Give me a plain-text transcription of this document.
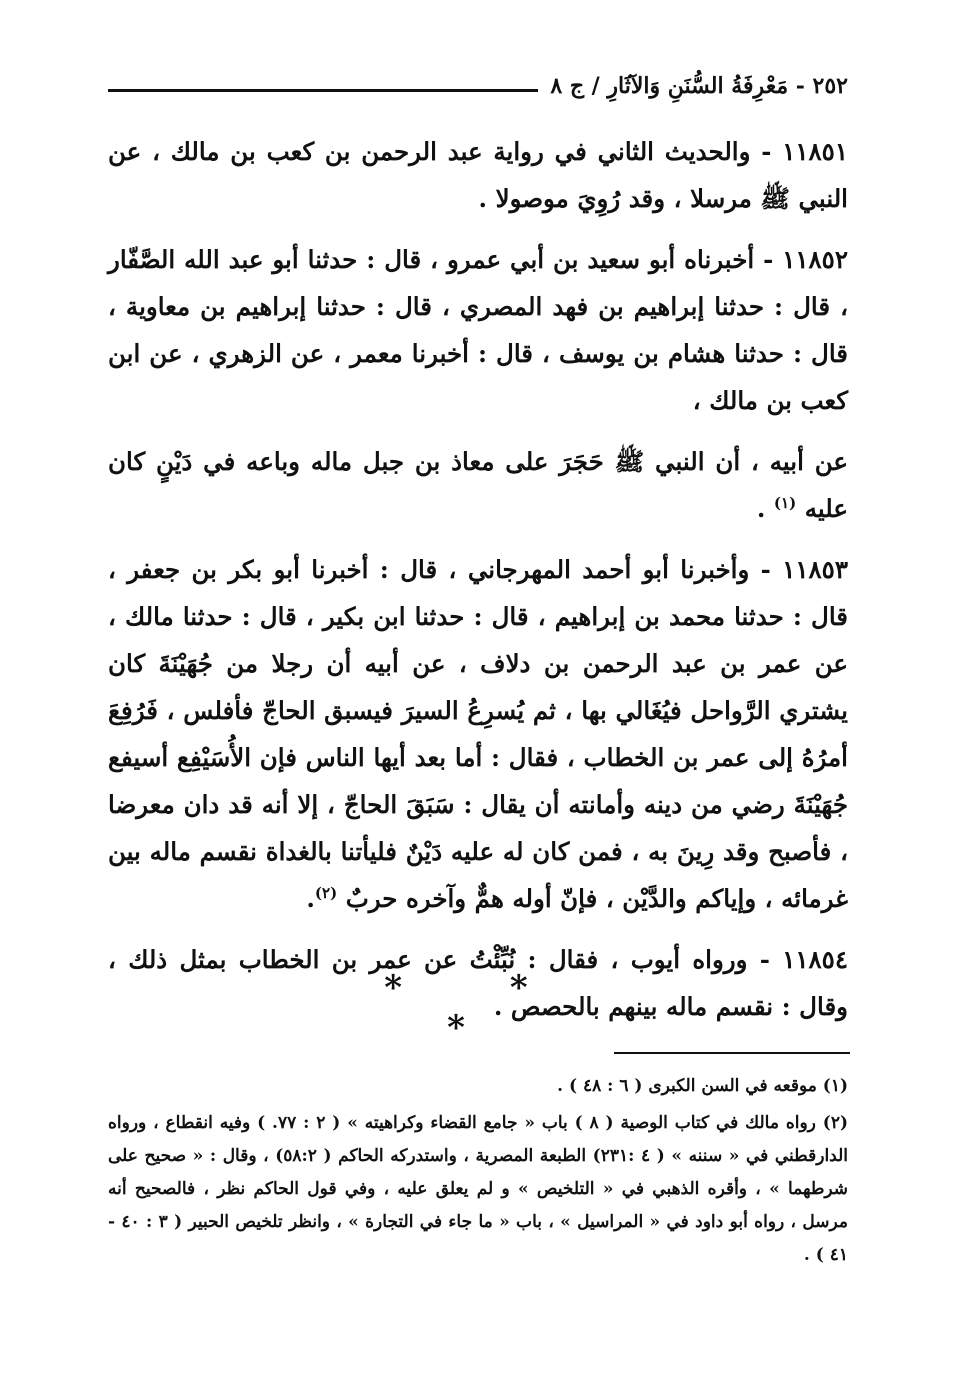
٢٥٢ - مَعْرِفَةُ السُّنَنِ وَالآثَارِ / ج ٨

١١٨٥١ - والحديث الثاني في رواية عبد الرحمن بن كعب بن مالك ، عن النبي ﷺ مرسلا ، وقد رُوِيَ موصولا .

١١٨٥٢ - أخبرناه أبو سعيد بن أبي عمرو ، قال : حدثنا أبو عبد الله الصَّفّار ، قال : حدثنا إبراهيم بن فهد المصري ، قال : حدثنا إبراهيم بن معاوية ، قال : حدثنا هشام بن يوسف ، قال : أخبرنا معمر ، عن الزهري ، عن ابن كعب بن مالك ،

عن أبيه ، أن النبي ﷺ حَجَرَ على معاذ بن جبل ماله وباعه في دَيْنٍ كان عليه $^{(١)}$ .

١١٨٥٣ - وأخبرنا أبو أحمد المهرجاني ، قال : أخبرنا أبو بكر بن جعفر ، قال : حدثنا محمد بن إبراهيم ، قال : حدثنا ابن بكير ، قال : حدثنا مالك ، عن عمر بن عبد الرحمن بن دلاف ، عن أبيه أن رجلا من جُهَيْنَةَ كان يشتري الرَّواحل فيُغَالي بها ، ثم يُسرِعُ السيرَ فيسبق الحاجّ فأفلس ، فَرُفِعَ أمرُهُ إلى عمر بن الخطاب ، فقال : أما بعد أيها الناس فإن الأُسَيْفِع أسيفع جُهَيْنَةَ رضي من دينه وأمانته أن يقال : سَبَقَ الحاجّ ، إلا أنه قد دان معرضا ، فأصبح وقد رِينَ به ، فمن كان له عليه دَيْنٌ فليأتنا بالغداة نقسم ماله بين غرمائه ، وإياكم والدَّيْن ، فإنّ أوله همٌّ وآخره حربٌ $^{(٢)}$.

١١٨٥٤ - ورواه أيوب ، فقال : نُبِّئْتُ عن عمر بن الخطاب بمثل ذلك ، وقال : نقسم ماله بينهم بالحصص .

* * *

(١) موقعه في السن الكبرى ( ٦ : ٤٨ ) .

(٢) رواه مالك في كتاب الوصية ( ٨ ) باب « جامع القضاء وكراهيته » ( ٢ : ٧٧. ) وفيه انقطاع ، ورواه الدارقطني في « سننه » ( ٤ :٢٣١) الطبعة المصرية ، واستدركه الحاكم ( ٥٨:٢) ، وقال : « صحيح على شرطهما » ، وأقره الذهبي في « التلخيص » و لم يعلق عليه ، وفي قول الحاكم نظر ، فالصحيح أنه مرسل ، رواه أبو داود في « المراسيل » ، باب « ما جاء في التجارة » ، وانظر تلخيص الحبير ( ٣ : ٤٠ - ٤١ ) .
